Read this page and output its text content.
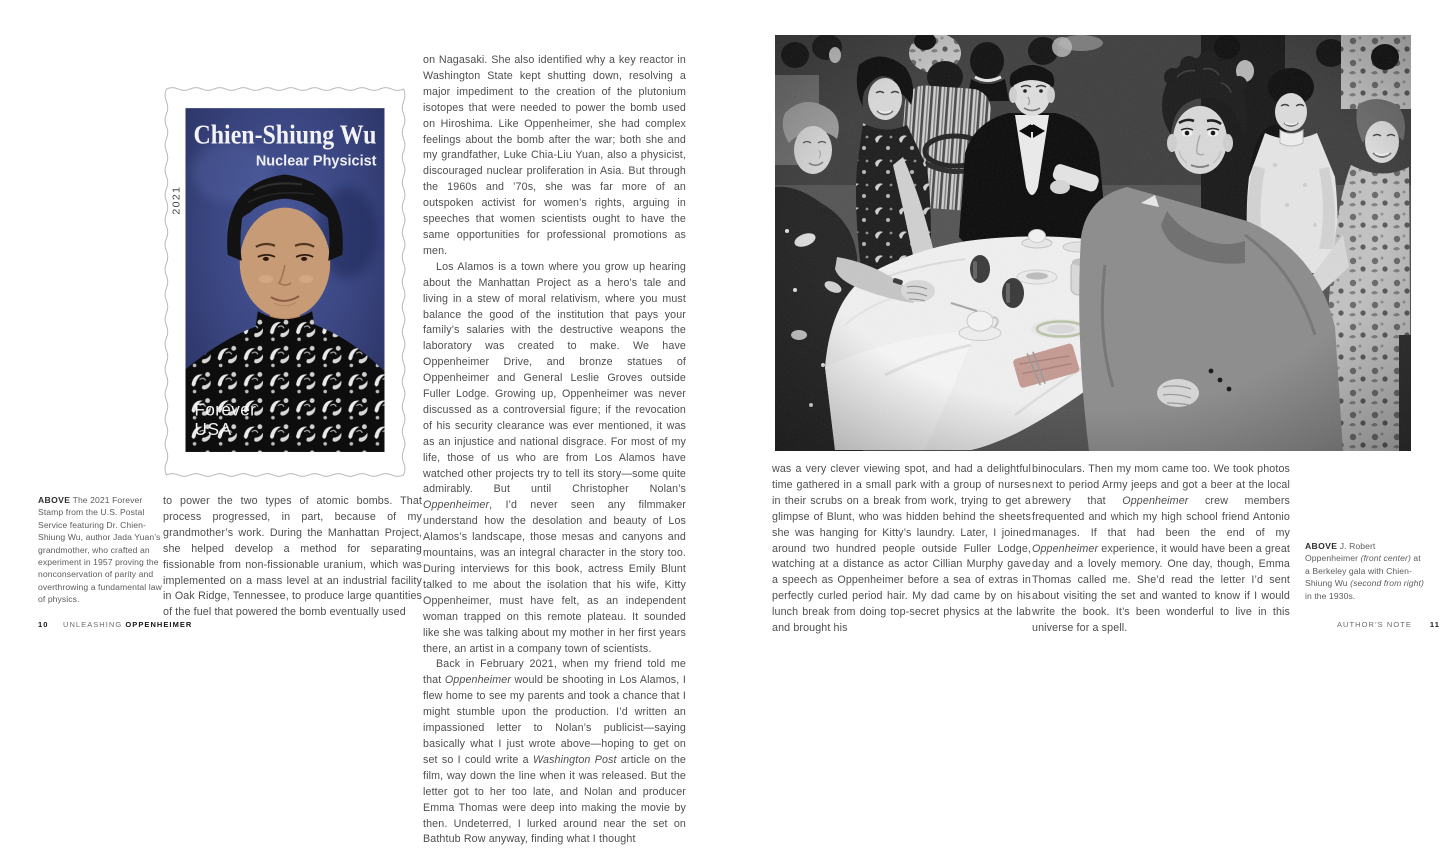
Chien-Shiung Wu
Nuclear Physicist
Forever
USA
2021
ABOVE The 2021 Forever Stamp from the U.S. Postal Service featuring Dr. Chien-Shiung Wu, author Jada Yuan’s grandmother, who crafted an experiment in 1957 proving the nonconservation of parity and overthrowing a fundamental law of physics.

to power the two types of atomic bombs. That process progressed, in part, because of my grandmother’s work. During the Manhattan Project, she helped develop a method for separating fissionable from non-fissionable uranium, which was implemented on a mass level at an industrial facility in Oak Ridge, Tennessee, to produce large quantities of the fuel that powered the bomb eventually used

on Nagasaki. She also identified why a key reactor in Washington State kept shutting down, resolving a major impediment to the creation of the plutonium isotopes that were needed to power the bomb used on Hiroshima. Like Oppenheimer, she had complex feelings about the bomb after the war; both she and my grandfather, Luke Chia-Liu Yuan, also a physicist, discouraged nuclear proliferation in Asia. But through the 1960s and ’70s, she was far more of an outspoken activist for women’s rights, arguing in speeches that women scientists ought to have the same opportunities for professional promotions as men.

Los Alamos is a town where you grow up hearing about the Manhattan Project as a hero’s tale and living in a stew of moral relativism, where you must balance the good of the institution that pays your family’s salaries with the destructive weapons the laboratory was created to make. We have Oppenheimer Drive, and bronze statues of Oppenheimer and General Leslie Groves outside Fuller Lodge. Growing up, Oppenheimer was never discussed as a controversial figure; if the revocation of his security clearance was ever mentioned, it was as an injustice and national disgrace. For most of my life, those of us who are from Los Alamos have watched other projects try to tell its story—some quite admirably. But until Christopher Nolan’s Oppenheimer, I’d never seen any filmmaker understand how the desolation and beauty of Los Alamos’s landscape, those mesas and canyons and mountains, was an integral character in the story too. During interviews for this book, actress Emily Blunt talked to me about the isolation that his wife, Kitty Oppenheimer, must have felt, as an independent woman trapped on this remote plateau. It sounded like she was talking about my mother in her first years there, an artist in a company town of scientists.

Back in February 2021, when my friend told me that Oppenheimer would be shooting in Los Alamos, I flew home to see my parents and took a chance that I might stumble upon the production. I’d written an impassioned letter to Nolan’s publicist—saying basically what I just wrote above—hoping to get on set so I could write a Washington Post article on the film, way down the line when it was released. But the letter got to her too late, and Nolan and producer Emma Thomas were deep into making the movie by then. Undeterred, I lurked around near the set on Bathtub Row anyway, finding what I thought

10 UNLEASHING OPPENHEIMER

was a very clever viewing spot, and had a delightful time gathered in a small park with a group of nurses in their scrubs on a break from work, trying to get a glimpse of Blunt, who was hidden behind the sheets she was hanging for Kitty’s laundry. Later, I joined around two hundred people outside Fuller Lodge, watching at a distance as actor Cillian Murphy gave a speech as Oppenheimer before a sea of extras in perfectly curled period hair. My dad came by on his lunch break from doing top-secret physics at the lab and brought his

binoculars. Then my mom came too. We took photos next to period Army jeeps and got a beer at the local brewery that Oppenheimer crew members frequented and which my high school friend Antonio manages. If that had been the end of my Oppenheimer experience, it would have been a great day and a lovely memory. One day, though, Emma Thomas called me. She’d read the letter I’d sent about visiting the set and wanted to know if I would write the book. It’s been wonderful to live in this universe for a spell.

ABOVE J. Robert Oppenheimer (front center) at a Berkeley gala with Chien-Shiung Wu (second from right) in the 1930s.
AUTHOR’S NOTE 11
